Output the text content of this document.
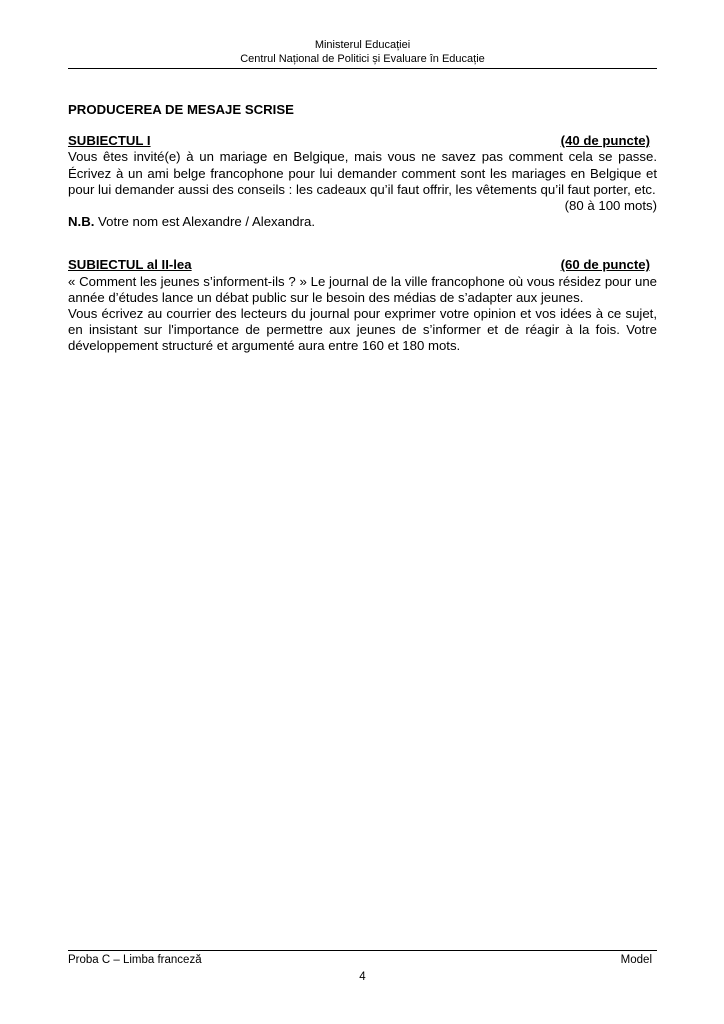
Ministerul Educației
Centrul Național de Politici și Evaluare în Educație

PRODUCEREA DE MESAJE SCRISE

SUBIECTUL I	(40 de puncte)

Vous êtes invité(e) à un mariage en Belgique, mais vous ne savez pas comment cela se passe. Écrivez à un ami belge francophone pour lui demander comment sont les mariages en Belgique et pour lui demander aussi des conseils : les cadeaux qu’il faut offrir, les vêtements qu’il faut porter, etc.

(80 à 100 mots)

N.B. Votre nom est Alexandre / Alexandra.

SUBIECTUL al II-lea	(60 de puncte)

« Comment les jeunes s’informent-ils ? » Le journal de la ville francophone où vous résidez pour une année d’études lance un débat public sur le besoin des médias de s’adapter aux jeunes.

Vous écrivez au courrier des lecteurs du journal pour exprimer votre opinion et vos idées à ce sujet, en insistant sur l'importance de permettre aux jeunes de s’informer et de réagir à la fois. Votre développement structuré et argumenté aura entre 160 et 180 mots.

Proba C – Limba franceză	Model
4
